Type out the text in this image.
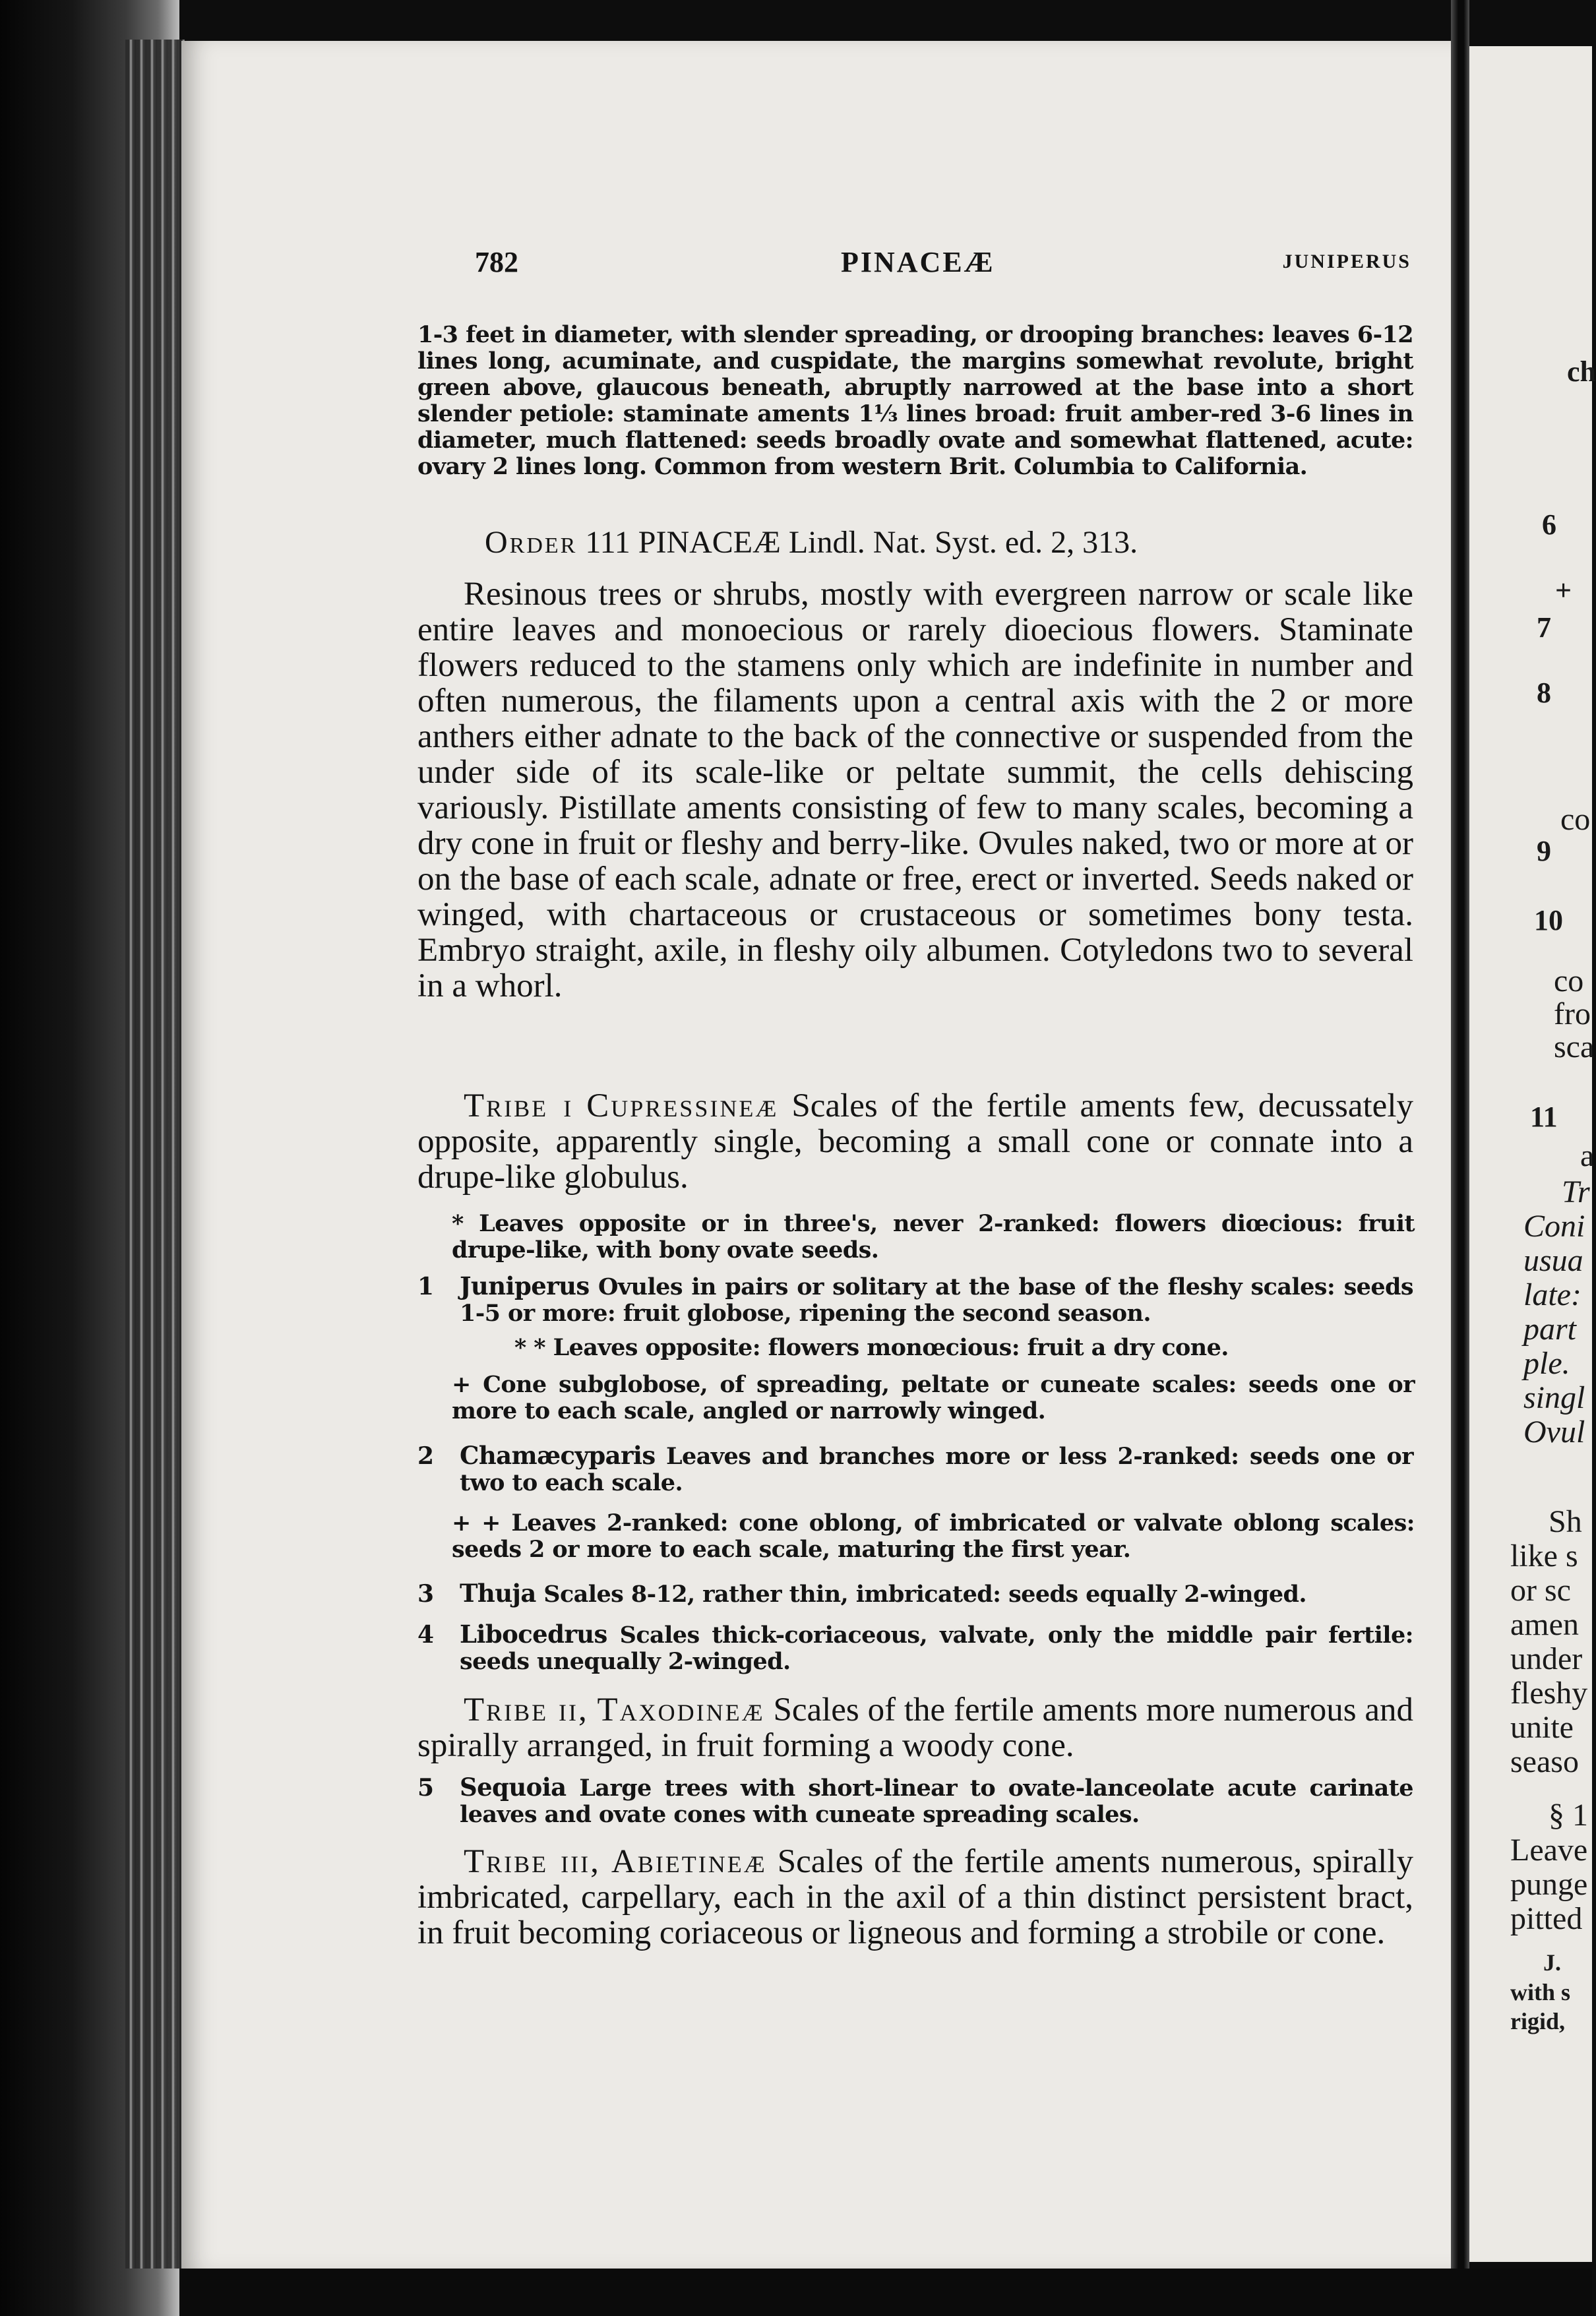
782	PINACEÆ	JUNIPERUS

1-3 feet in diameter, with slender spreading, or drooping branches: leaves 6-12 lines long, acuminate, and cuspidate, the margins somewhat revolute, bright green above, glaucous beneath, abruptly narrowed at the base into a short slender petiole: staminate aments 1⅓ lines broad: fruit amber-red 3-6 lines in diameter, much flattened: seeds broadly ovate and somewhat flattened, acute: ovary 2 lines long. Common from western Brit. Columbia to California.

Order 111 PINACEÆ Lindl. Nat. Syst. ed. 2, 313.

Resinous trees or shrubs, mostly with evergreen narrow or scale like entire leaves and monoecious or rarely dioecious flowers. Staminate flowers reduced to the stamens only which are indefinite in number and often numerous, the filaments upon a central axis with the 2 or more anthers either adnate to the back of the connective or suspended from the under side of its scale-like or peltate summit, the cells dehiscing variously. Pistillate aments consisting of few to many scales, becoming a dry cone in fruit or fleshy and berry-like. Ovules naked, two or more at or on the base of each scale, adnate or free, erect or inverted. Seeds naked or winged, with chartaceous or crustaceous or sometimes bony testa. Embryo straight, axile, in fleshy oily albumen. Cotyledons two to several in a whorl.

Tribe i Cupressineæ Scales of the fertile aments few, decussately opposite, apparently single, becoming a small cone or connate into a drupe-like globulus.

* Leaves opposite or in three's, never 2-ranked: flowers diœcious: fruit drupe-like, with bony ovate seeds.

1 Juniperus Ovules in pairs or solitary at the base of the fleshy scales: seeds 1-5 or more: fruit globose, ripening the second season.

* * Leaves opposite: flowers monœcious: fruit a dry cone.

+ Cone subglobose, of spreading, peltate or cuneate scales: seeds one or more to each scale, angled or narrowly winged.

2 Chamæcyparis Leaves and branches more or less 2-ranked: seeds one or two to each scale.

+ + Leaves 2-ranked: cone oblong, of imbricated or valvate oblong scales: seeds 2 or more to each scale, maturing the first year.

3 Thuja Scales 8-12, rather thin, imbricated: seeds equally 2-winged.

4 Libocedrus Scales thick-coriaceous, valvate, only the middle pair fertile: seeds unequally 2-winged.

Tribe ii, Taxodineæ Scales of the fertile aments more numerous and spirally arranged, in fruit forming a woody cone.

5 Sequoia Large trees with short-linear to ovate-lanceolate acute carinate leaves and ovate cones with cuneate spreading scales.

Tribe iii, Abietineæ Scales of the fertile aments numerous, spirally imbricated, carpellary, each in the axil of a thin distinct persistent bract, in fruit becoming coriaceous or ligneous and forming a strobile or cone.

ch
6
+
7
8
co
9
10
co
fro
sca
11
a
Tr
Coni
usua
late:
part
ple.
singl
Ovul
Sh
like s
or sc
amen
under
fleshy
unite
seaso
§ 1
Leave
punge
pitted
J.
with s
rigid,
